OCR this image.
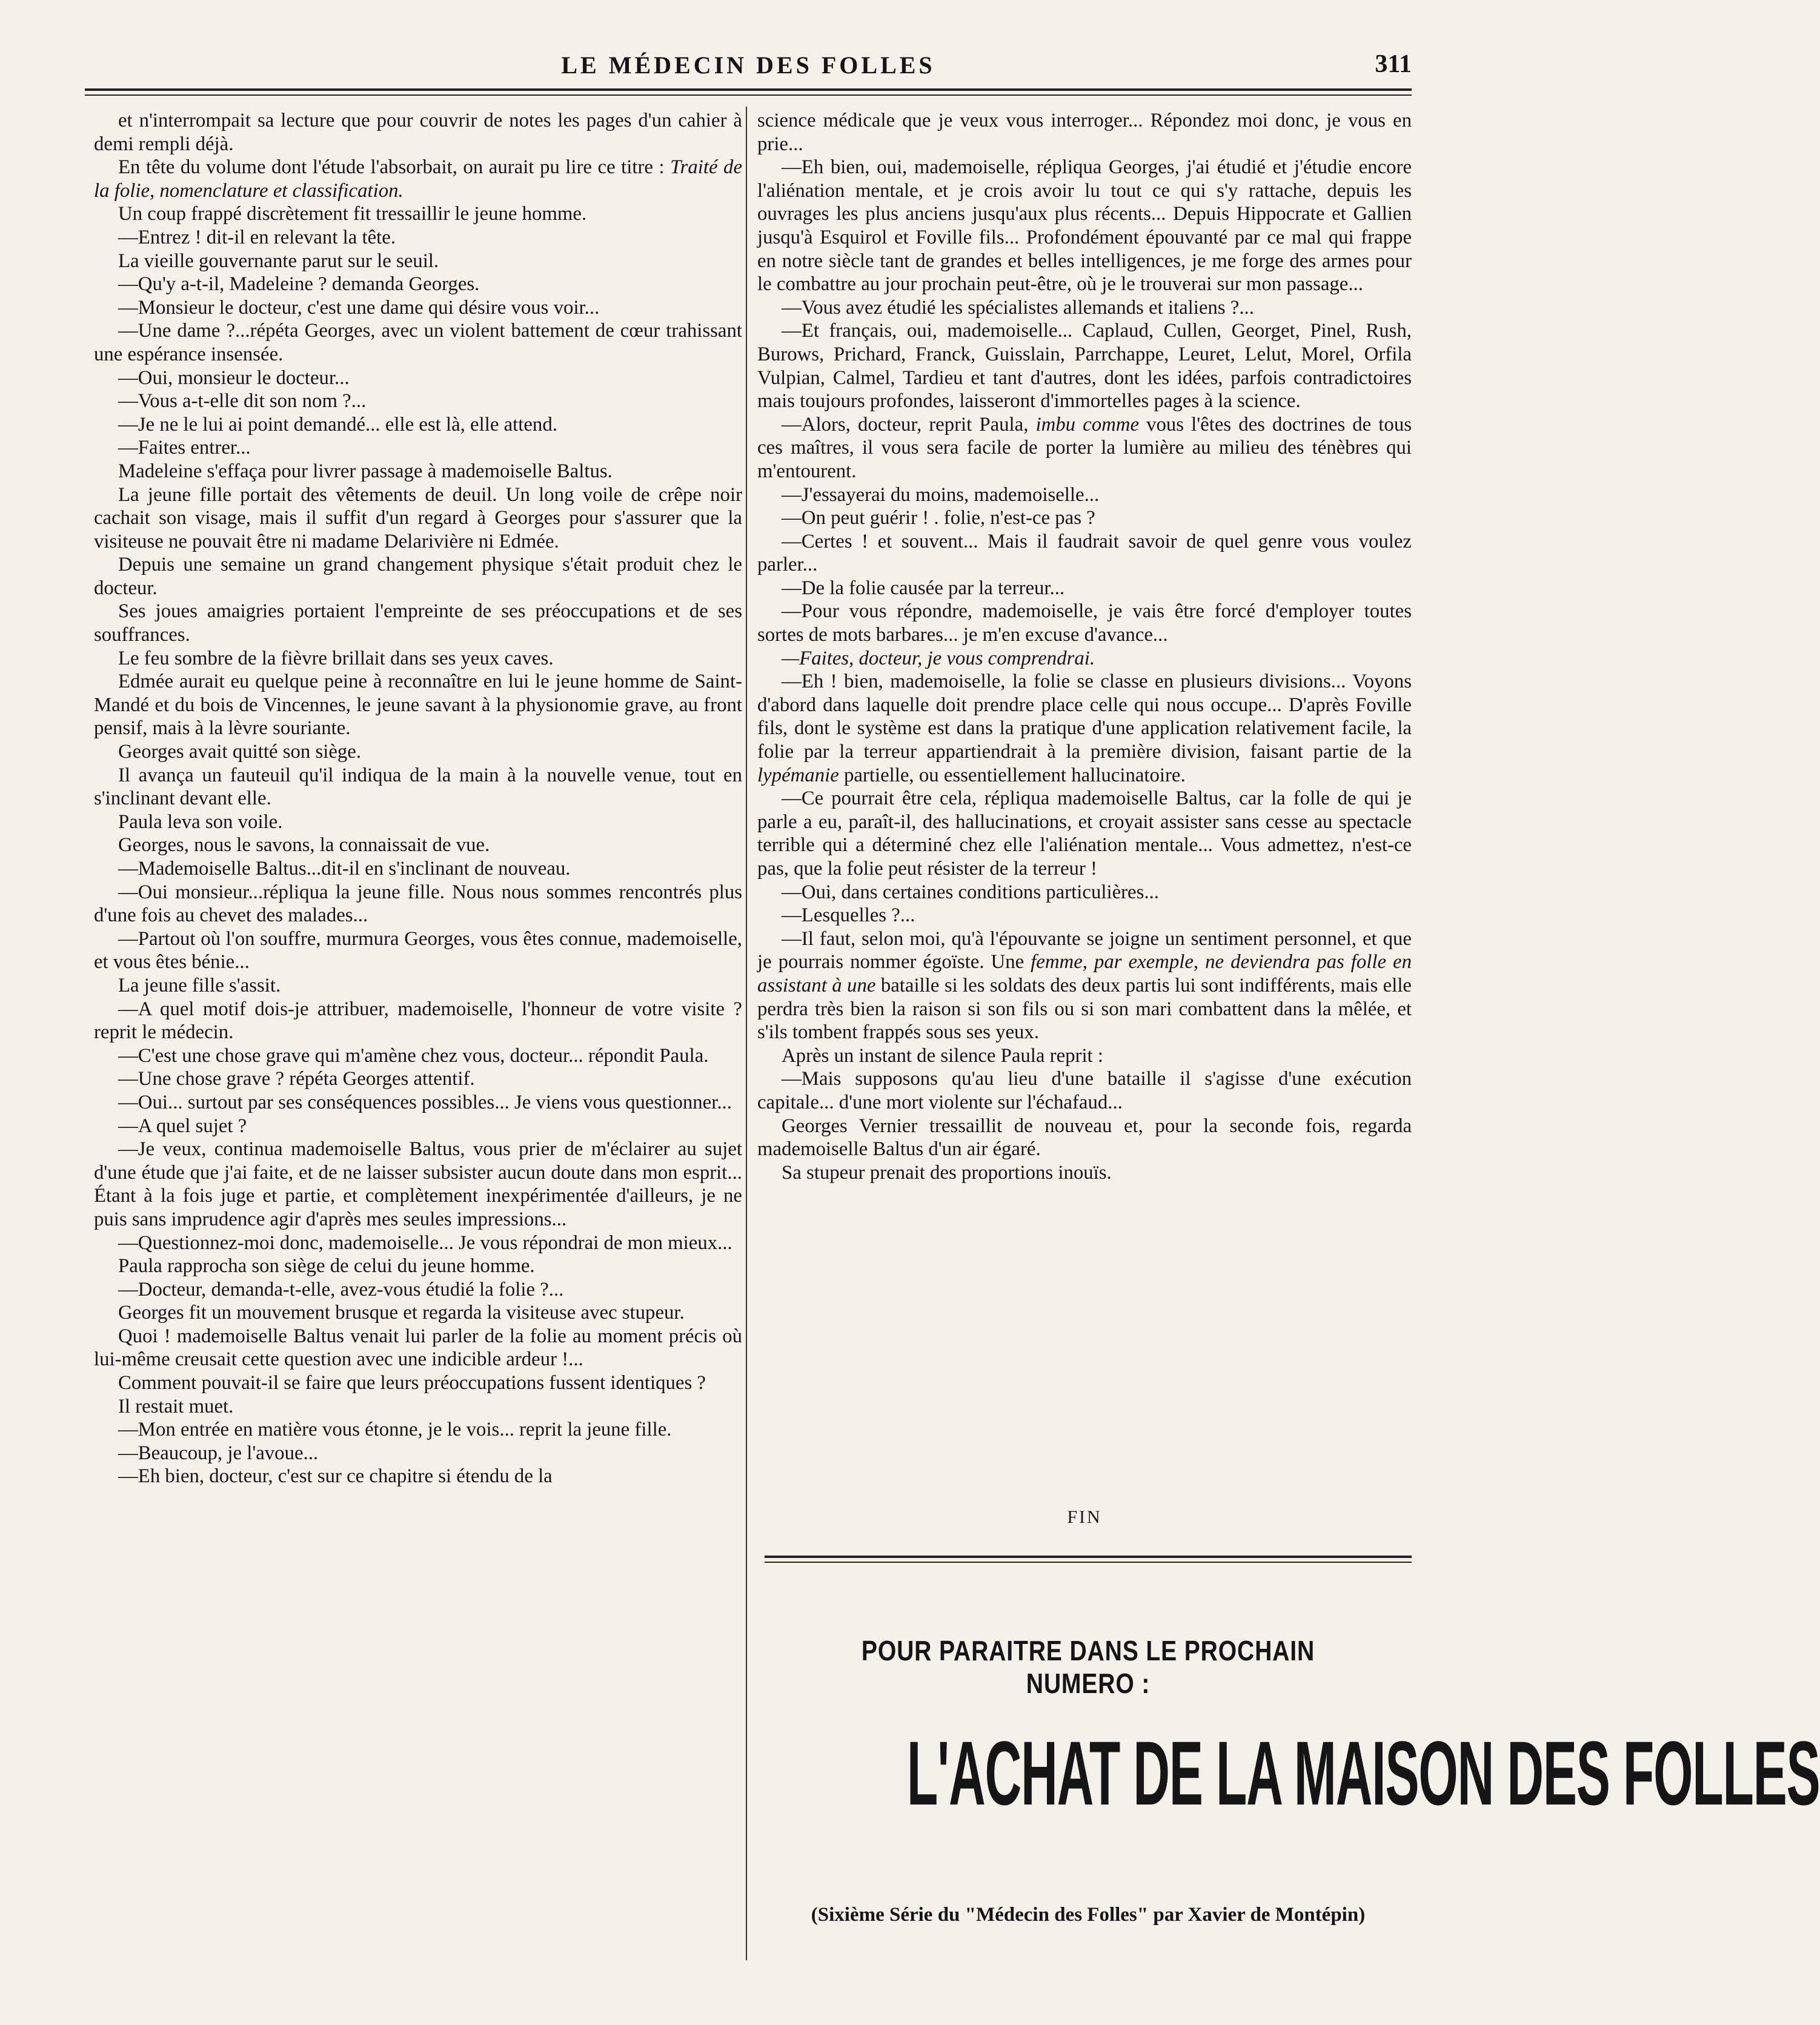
LE MÉDECIN DES FOLLES	311

et n'interrompait sa lecture que pour couvrir de notes les pages d'un cahier à demi rempli déjà.

En tête du volume dont l'étude l'absorbait, on aurait pu lire ce titre : Traité de la folie, nomenclature et classification.

Un coup frappé discrètement fit tressaillir le jeune homme.

—Entrez ! dit-il en relevant la tête.

La vieille gouvernante parut sur le seuil.

—Qu'y a-t-il, Madeleine ? demanda Georges.

—Monsieur le docteur, c'est une dame qui désire vous voir...

—Une dame ?...répéta Georges, avec un violent battement de cœur trahissant une espérance insensée.

—Oui, monsieur le docteur...

—Vous a-t-elle dit son nom ?...

—Je ne le lui ai point demandé... elle est là, elle attend.

—Faites entrer...

Madeleine s'effaça pour livrer passage à mademoiselle Baltus.

La jeune fille portait des vêtements de deuil. Un long voile de crêpe noir cachait son visage, mais il suffit d'un regard à Georges pour s'assurer que la visiteuse ne pouvait être ni madame Delarivière ni Edmée.

Depuis une semaine un grand changement physique s'était produit chez le docteur.

Ses joues amaigries portaient l'empreinte de ses préoccupations et de ses souffrances.

Le feu sombre de la fièvre brillait dans ses yeux caves.

Edmée aurait eu quelque peine à reconnaître en lui le jeune homme de Saint-Mandé et du bois de Vincennes, le jeune savant à la physionomie grave, au front pensif, mais à la lèvre souriante.

Georges avait quitté son siège.

Il avança un fauteuil qu'il indiqua de la main à la nouvelle venue, tout en s'inclinant devant elle.

Paula leva son voile.

Georges, nous le savons, la connaissait de vue.

—Mademoiselle Baltus...dit-il en s'inclinant de nouveau.

—Oui monsieur...répliqua la jeune fille. Nous nous sommes rencontrés plus d'une fois au chevet des malades...

—Partout où l'on souffre, murmura Georges, vous êtes connue, mademoiselle, et vous êtes bénie...

La jeune fille s'assit.

—A quel motif dois-je attribuer, mademoiselle, l'honneur de votre visite ? reprit le médecin.

—C'est une chose grave qui m'amène chez vous, docteur... répondit Paula.

—Une chose grave ? répéta Georges attentif.

—Oui... surtout par ses conséquences possibles... Je viens vous questionner...

—A quel sujet ?

—Je veux, continua mademoiselle Baltus, vous prier de m'éclairer au sujet d'une étude que j'ai faite, et de ne laisser subsister aucun doute dans mon esprit... Étant à la fois juge et partie, et complètement inexpérimentée d'ailleurs, je ne puis sans imprudence agir d'après mes seules impressions...

—Questionnez-moi donc, mademoiselle... Je vous répondrai de mon mieux...

Paula rapprocha son siège de celui du jeune homme.

—Docteur, demanda-t-elle, avez-vous étudié la folie ?...

Georges fit un mouvement brusque et regarda la visiteuse avec stupeur.

Quoi ! mademoiselle Baltus venait lui parler de la folie au moment précis où lui-même creusait cette question avec une indicible ardeur !...

Comment pouvait-il se faire que leurs préoccupations fussent identiques ?

Il restait muet.

—Mon entrée en matière vous étonne, je le vois... reprit la jeune fille.

—Beaucoup, je l'avoue...

—Eh bien, docteur, c'est sur ce chapitre si étendu de la

science médicale que je veux vous interroger... Répondez moi donc, je vous en prie...

—Eh bien, oui, mademoiselle, répliqua Georges, j'ai étudié et j'étudie encore l'aliénation mentale, et je crois avoir lu tout ce qui s'y rattache, depuis les ouvrages les plus anciens jusqu'aux plus récents... Depuis Hippocrate et Gallien jusqu'à Esquirol et Foville fils... Profondément épouvanté par ce mal qui frappe en notre siècle tant de grandes et belles intelligences, je me forge des armes pour le combattre au jour prochain peut-être, où je le trouverai sur mon passage...

—Vous avez étudié les spécialistes allemands et italiens ?...

—Et français, oui, mademoiselle... Caplaud, Cullen, Georget, Pinel, Rush, Burows, Prichard, Franck, Guisslain, Parrchappe, Leuret, Lelut, Morel, Orfila Vulpian, Calmel, Tardieu et tant d'autres, dont les idées, parfois contradictoires mais toujours profondes, laisseront d'immortelles pages à la science.

—Alors, docteur, reprit Paula, imbu comme vous l'êtes des doctrines de tous ces maîtres, il vous sera facile de porter la lumière au milieu des ténèbres qui m'entourent.

—J'essayerai du moins, mademoiselle...

—On peut guérir ! . folie, n'est-ce pas ?

—Certes ! et souvent... Mais il faudrait savoir de quel genre vous voulez parler...

—De la folie causée par la terreur...

—Pour vous répondre, mademoiselle, je vais être forcé d'employer toutes sortes de mots barbares... je m'en excuse d'avance...

—Faites, docteur, je vous comprendrai.

—Eh ! bien, mademoiselle, la folie se classe en plusieurs divisions... Voyons d'abord dans laquelle doit prendre place celle qui nous occupe... D'après Foville fils, dont le système est dans la pratique d'une application relativement facile, la folie par la terreur appartiendrait à la première division, faisant partie de la lypémanie partielle, ou essentiellement hallucinatoire.

—Ce pourrait être cela, répliqua mademoiselle Baltus, car la folle de qui je parle a eu, paraît-il, des hallucinations, et croyait assister sans cesse au spectacle terrible qui a déterminé chez elle l'aliénation mentale... Vous admettez, n'est-ce pas, que la folie peut résister de la terreur !

—Oui, dans certaines conditions particulières...

—Lesquelles ?...

—Il faut, selon moi, qu'à l'épouvante se joigne un sentiment personnel, et que je pourrais nommer égoïste. Une femme, par exemple, ne deviendra pas folle en assistant à une bataille si les soldats des deux partis lui sont indifférents, mais elle perdra très bien la raison si son fils ou si son mari combattent dans la mêlée, et s'ils tombent frappés sous ses yeux.

Après un instant de silence Paula reprit :

—Mais supposons qu'au lieu d'une bataille il s'agisse d'une exécution capitale... d'une mort violente sur l'échafaud...

Georges Vernier tressaillit de nouveau et, pour la seconde fois, regarda mademoiselle Baltus d'un air égaré.

Sa stupeur prenait des proportions inouïs.

FIN
POUR PARAITRE DANS LE PROCHAIN NUMERO :
L'ACHAT DE LA MAISON DES FOLLES
(Sixième Série du "Médecin des Folles" par Xavier de Montépin)
